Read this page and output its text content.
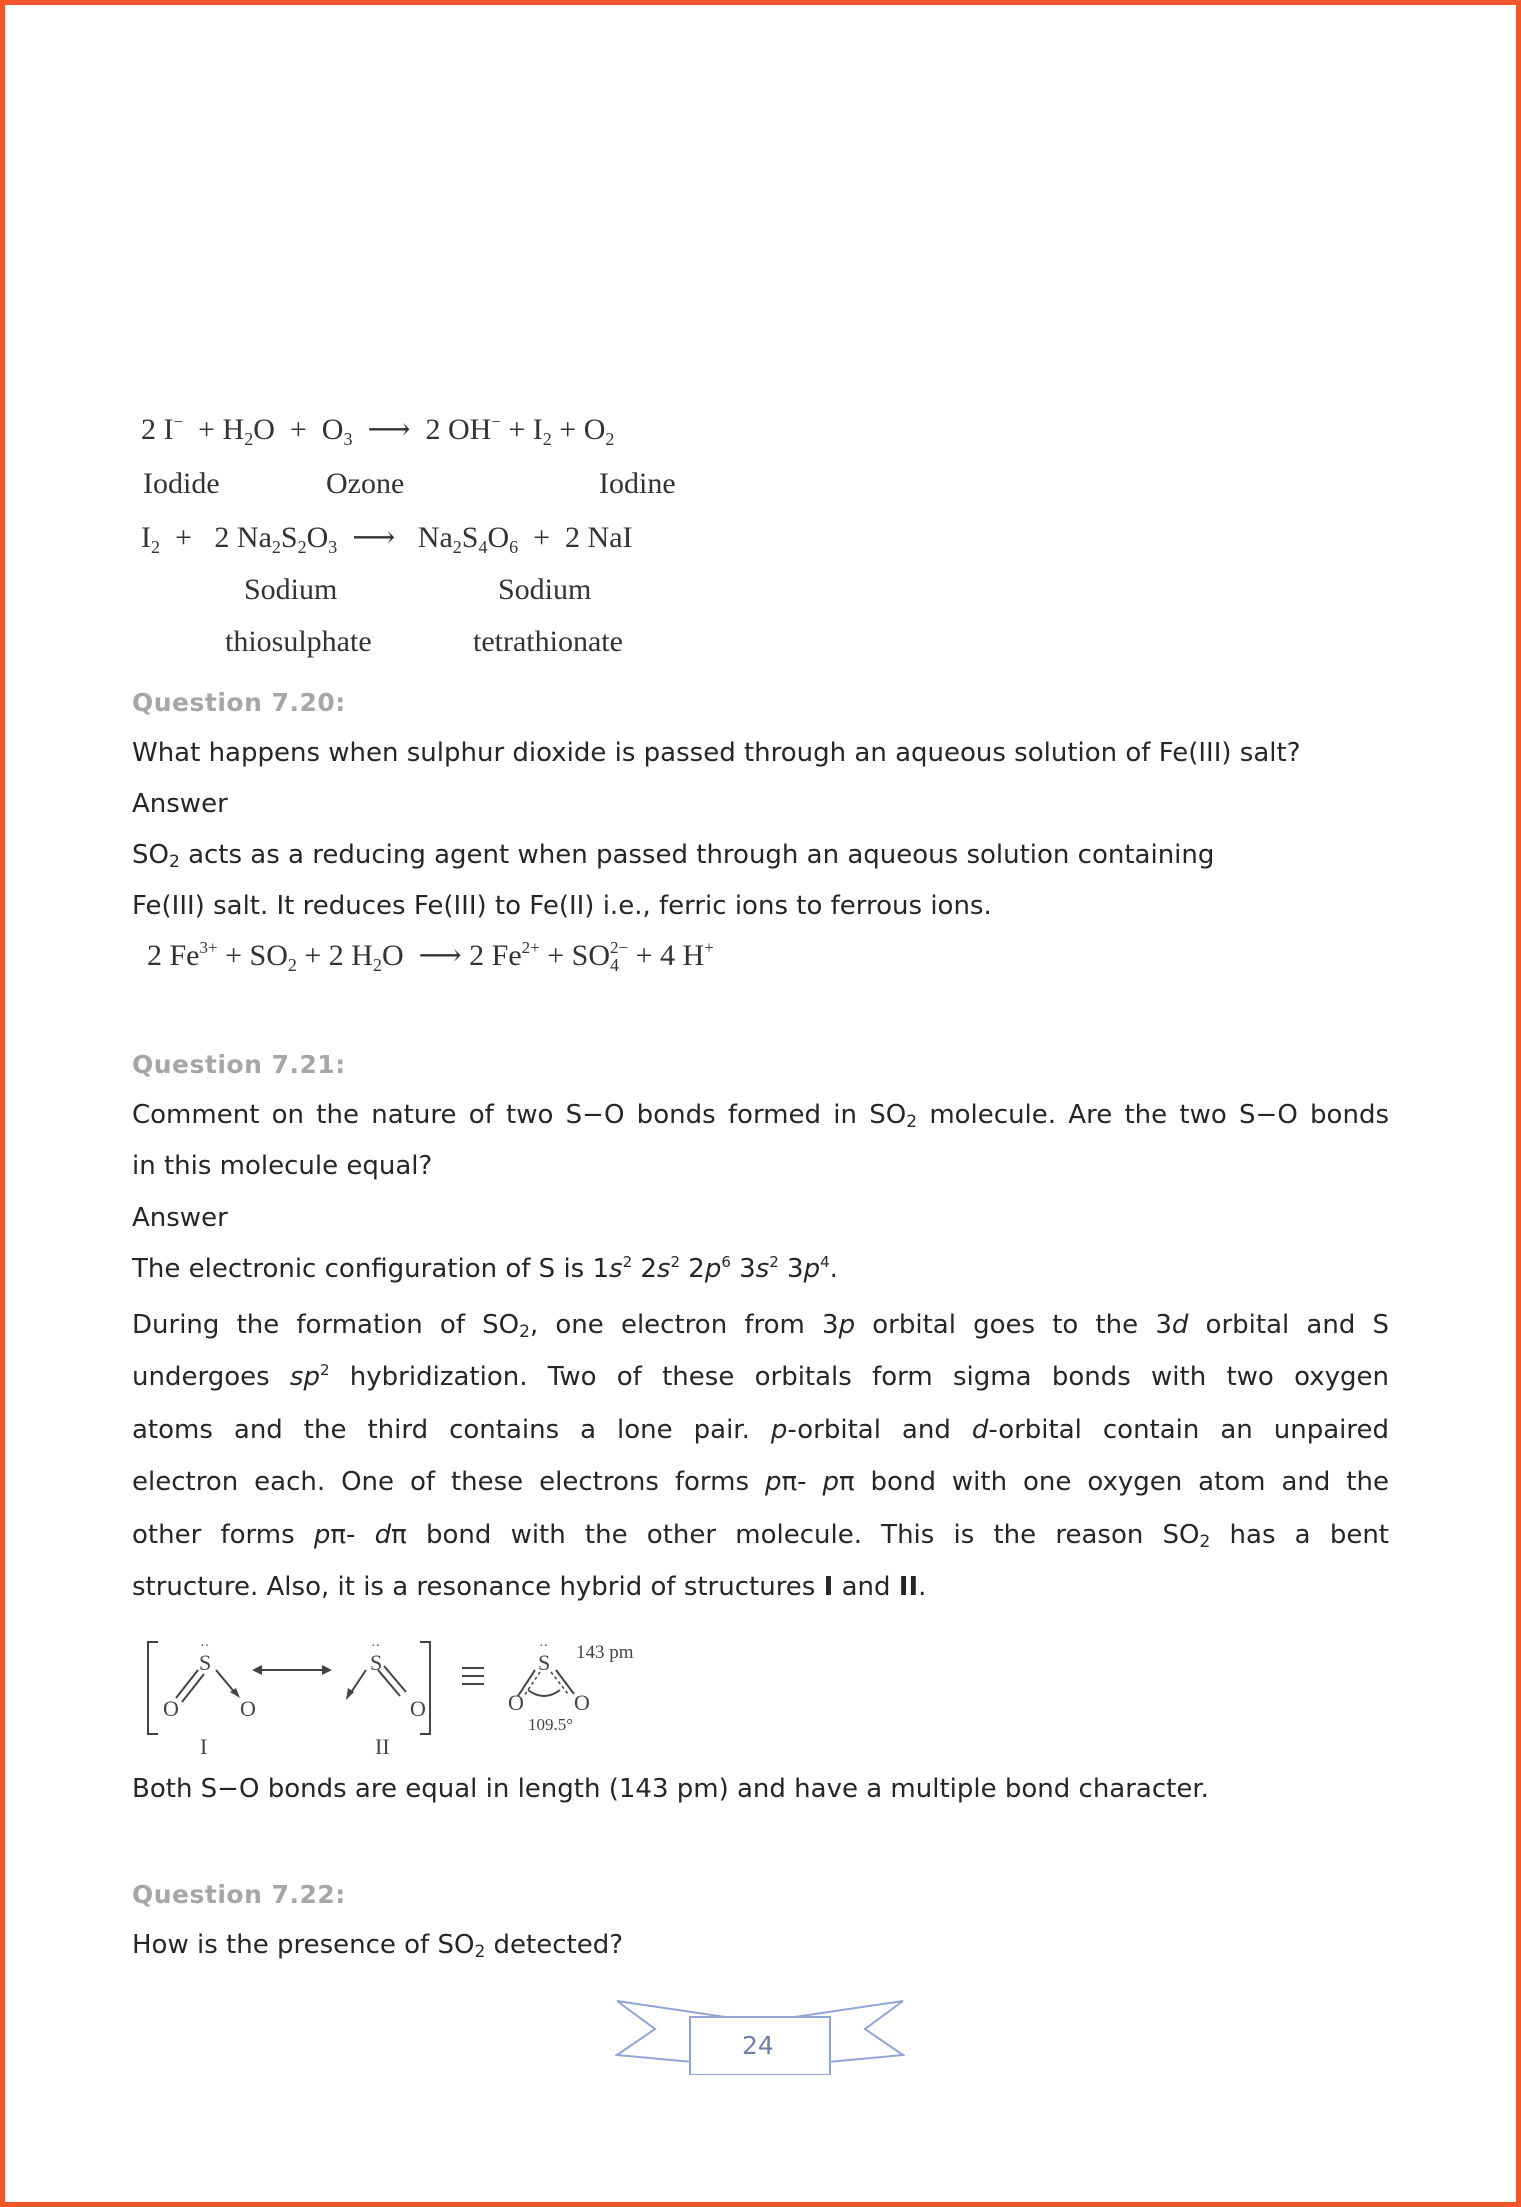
2 $I^- + H_2O + O_3$  ⟶  2 $OH^- + I_2 + O_2$
Iodide	Ozone	Iodine
$I_2 + 2$ $Na_2S_2O_3$  ⟶   $Na_2S_4O_6 + 2$ NaI
Sodium	Sodium
thiosulphate	tetrathionate
Question 7.20:
What happens when sulphur dioxide is passed through an aqueous solution of Fe(III) salt?
Answer
$SO_2$ acts as a reducing agent when passed through an aqueous solution containing
Fe(III) salt. It reduces Fe(III) to Fe(II) i.e., ferric ions to ferrous ions.
2 $Fe^{3+} + SO_2 + 2$ $H_2O$  ⟶ 2 $Fe^{2+} + SO_4^{2-} + 4$ H+
Question 7.21:
Comment on the nature of two S−O bonds formed in $SO_2$ molecule. Are the two S−O bonds
in this molecule equal?
Answer
The electronic configuration of S is $1s^2$ $2s^2$ $2p^6$ $3s^2$ $3p^4$.
During the formation of $SO_2$, one electron from 3p orbital goes to the 3d orbital and S
undergoes $sp^2$ hybridization. Two of these orbitals form sigma bonds with two oxygen
atoms and the third contains a lone pair. p-orbital and d-orbital contain an unpaired
electron each. One of these electrons forms pπ- pπ bond with one oxygen atom and the
other forms pπ- dπ bond with the other molecule. This is the reason $SO_2$ has a bent
structure. Also, it is a resonance hybrid of structures I and II.
S
··
O	O
S
··
O
S
··
O O
I	II
143 pm
109.5°
Both S−O bonds are equal in length (143 pm) and have a multiple bond character.
Question 7.22:
How is the presence of $SO_2$ detected?
24
